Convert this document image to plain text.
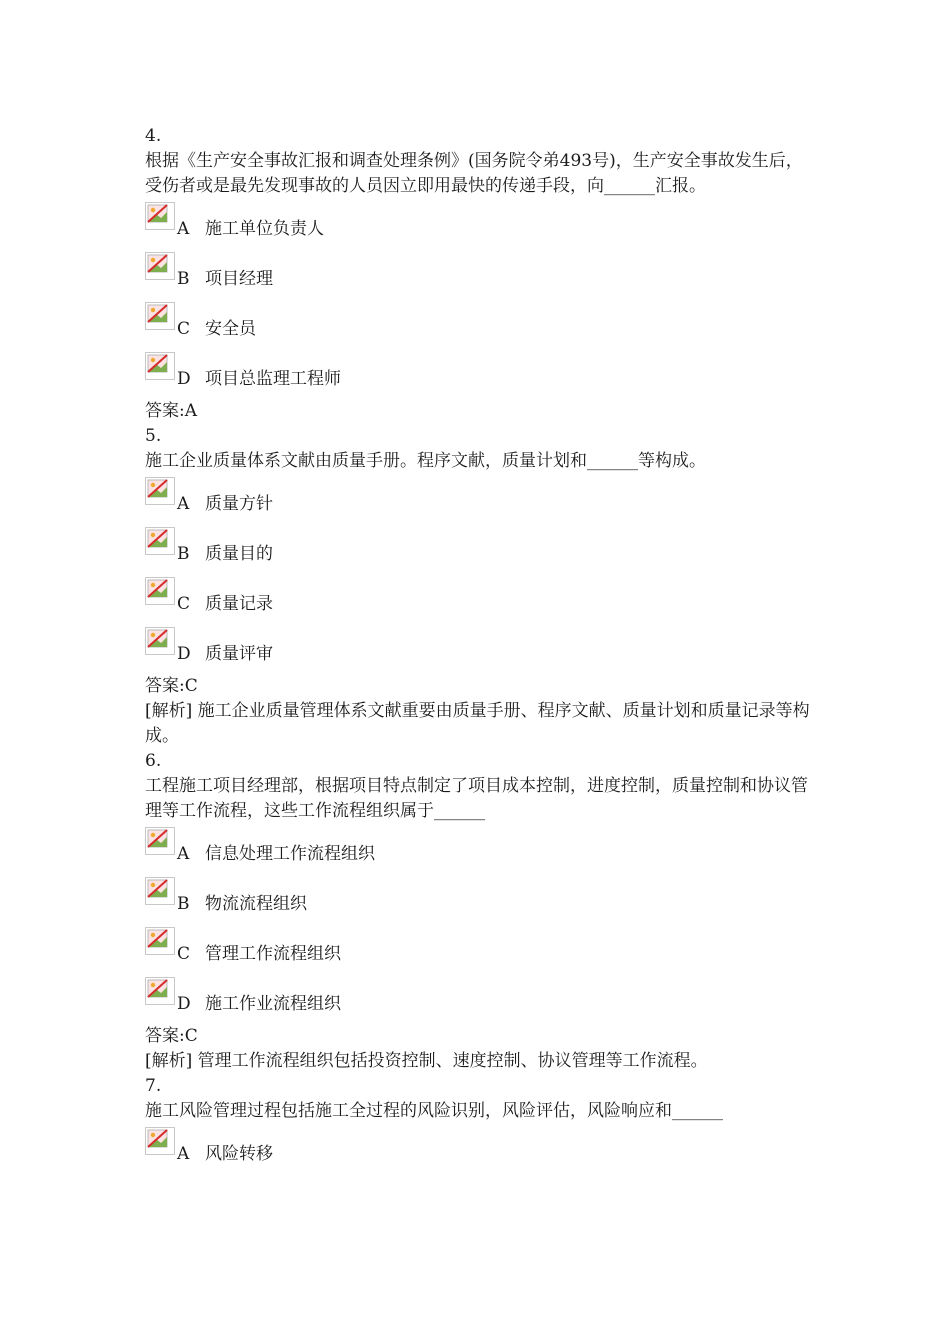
4.
根据《生产安全事故汇报和调查处理条例》(国务院令弟493号)，生产安全事故发生后，受伤者或是最先发现事故的人员因立即用最快的传递手段，向______汇报。
A 施工单位负责人
B 项目经理
C 安全员
D 项目总监理工程师
答案:A
5.
施工企业质量体系文献由质量手册。程序文献，质量计划和______等构成。
A 质量方针
B 质量目的
C 质量记录
D 质量评审
答案:C
[解析] 施工企业质量管理体系文献重要由质量手册、程序文献、质量计划和质量记录等构成。
6.
工程施工项目经理部，根据项目特点制定了项目成本控制，进度控制，质量控制和协议管理等工作流程，这些工作流程组织属于______
A 信息处理工作流程组织
B 物流流程组织
C 管理工作流程组织
D 施工作业流程组织
答案:C
[解析] 管理工作流程组织包括投资控制、速度控制、协议管理等工作流程。
7.
施工风险管理过程包括施工全过程的风险识别，风险评估，风险响应和______
A 风险转移
